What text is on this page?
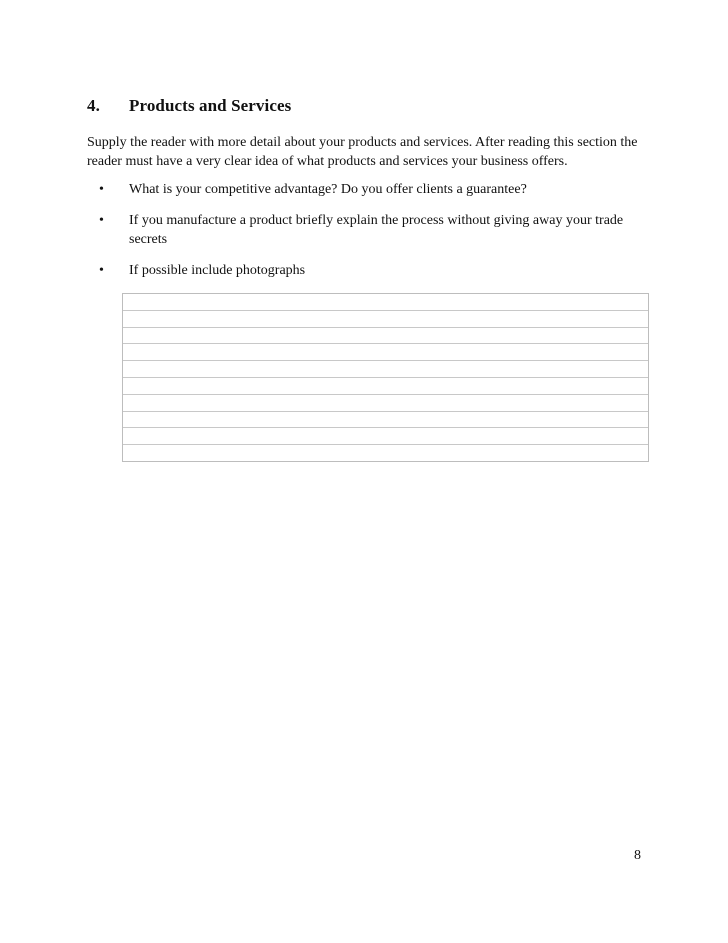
4. Products and Services
Supply the reader with more detail about your products and services. After reading this section the reader must have a very clear idea of what products and services your business offers.
• What is your competitive advantage? Do you offer clients a guarantee?
• If you manufacture a product briefly explain the process without giving away your trade secrets
• If possible include photographs
8
